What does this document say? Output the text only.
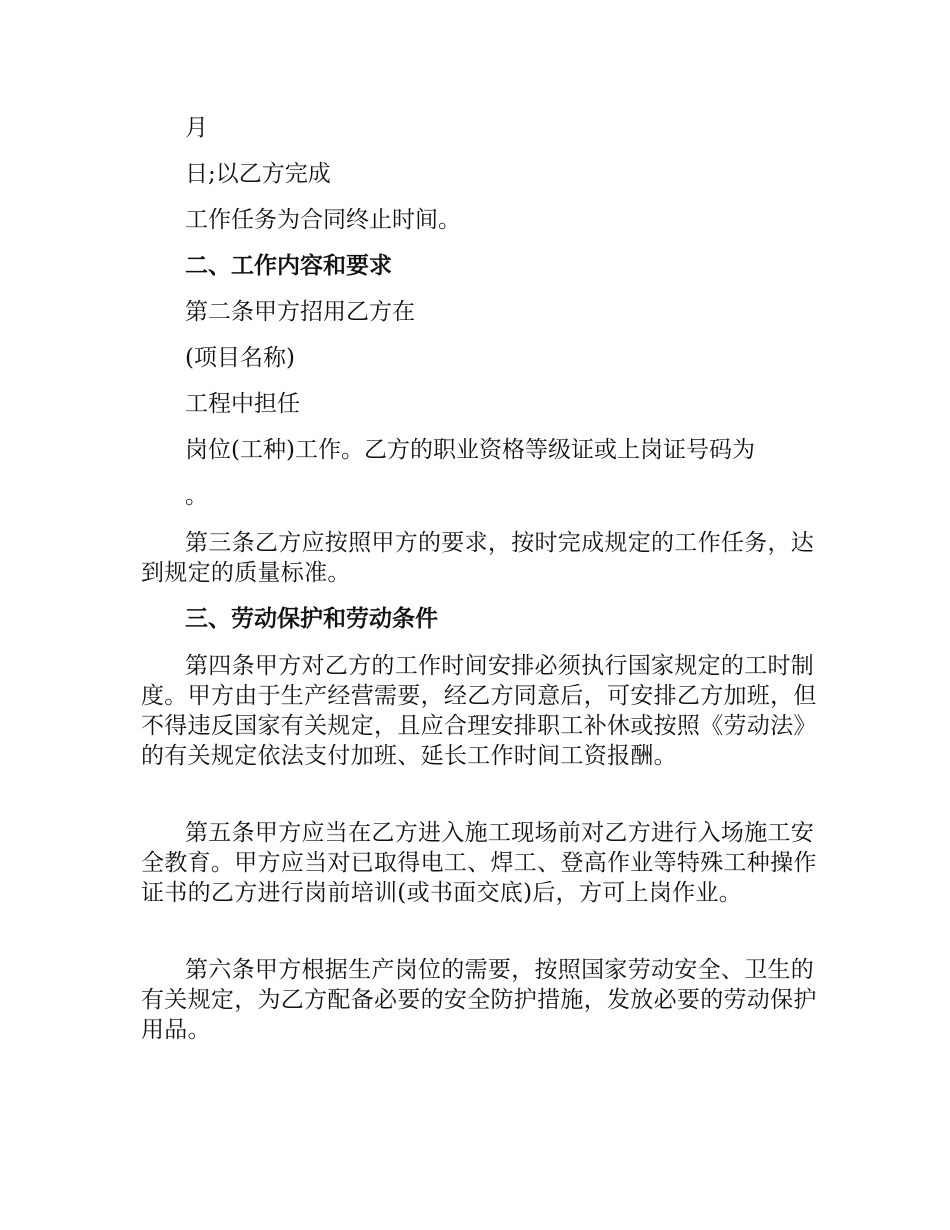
月

日;以乙方完成

工作任务为合同终止时间。

二、工作内容和要求

第二条甲方招用乙方在

(项目名称)

工程中担任

岗位(工种)工作。乙方的职业资格等级证或上岗证号码为

。

第三条乙方应按照甲方的要求，按时完成规定的工作任务，达到规定的质量标准。

三、劳动保护和劳动条件

第四条甲方对乙方的工作时间安排必须执行国家规定的工时制度。甲方由于生产经营需要，经乙方同意后，可安排乙方加班，但不得违反国家有关规定，且应合理安排职工补休或按照《劳动法》的有关规定依法支付加班、延长工作时间工资报酬。

第五条甲方应当在乙方进入施工现场前对乙方进行入场施工安全教育。甲方应当对已取得电工、焊工、登高作业等特殊工种操作证书的乙方进行岗前培训(或书面交底)后，方可上岗作业。

第六条甲方根据生产岗位的需要，按照国家劳动安全、卫生的有关规定，为乙方配备必要的安全防护措施，发放必要的劳动保护用品。
